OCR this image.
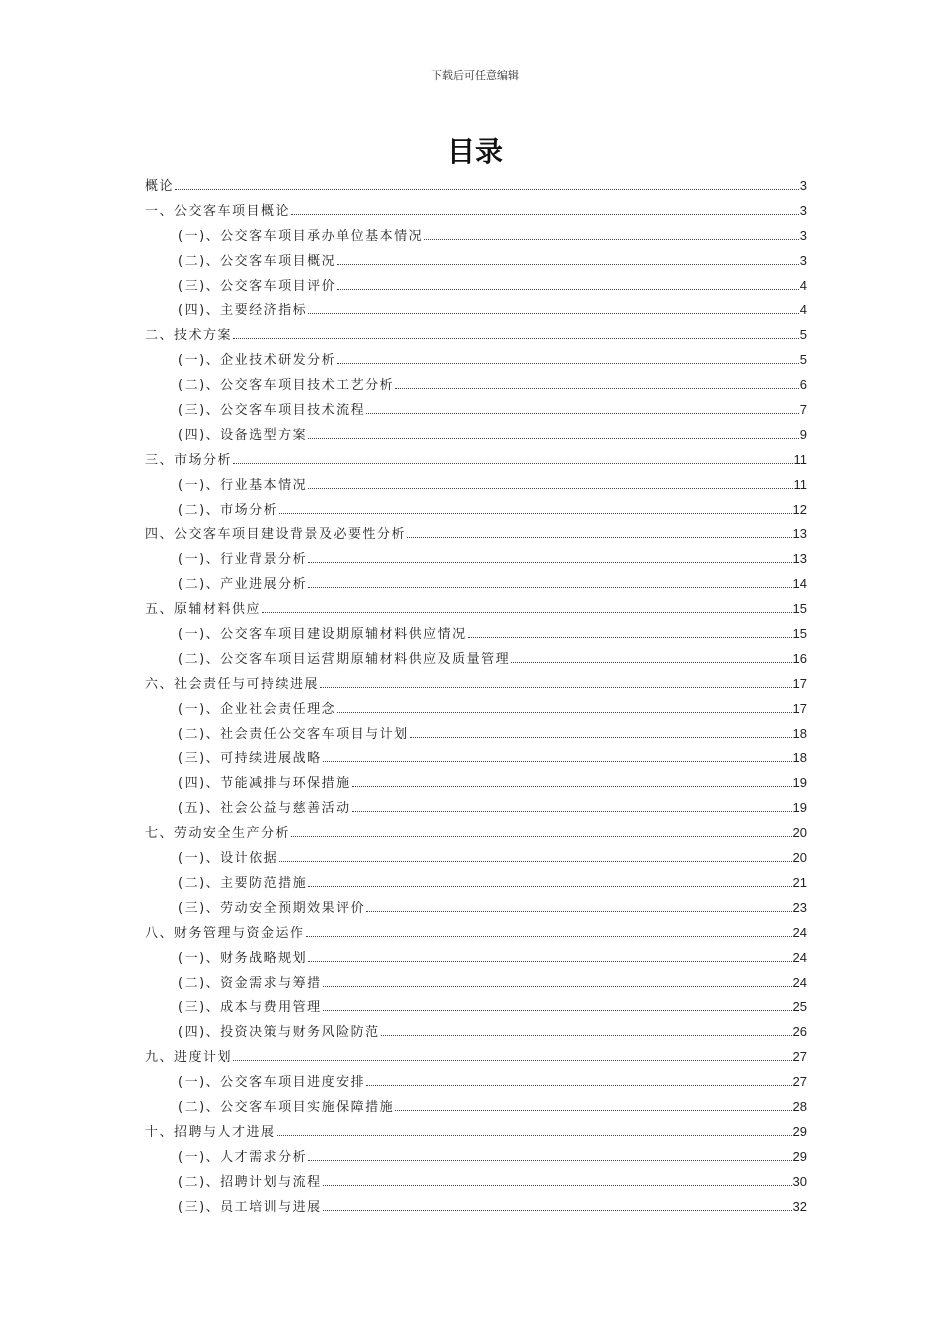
下载后可任意编辑
目录
概论	3
一、公交客车项目概论	3
(一)、公交客车项目承办单位基本情况	3
(二)、公交客车项目概况	3
(三)、公交客车项目评价	4
(四)、主要经济指标	4
二、技术方案	5
(一)、企业技术研发分析	5
(二)、公交客车项目技术工艺分析	6
(三)、公交客车项目技术流程	7
(四)、设备选型方案	9
三、市场分析	11
(一)、行业基本情况	11
(二)、市场分析	12
四、公交客车项目建设背景及必要性分析	13
(一)、行业背景分析	13
(二)、产业进展分析	14
五、原辅材料供应	15
(一)、公交客车项目建设期原辅材料供应情况	15
(二)、公交客车项目运营期原辅材料供应及质量管理	16
六、社会责任与可持续进展	17
(一)、企业社会责任理念	17
(二)、社会责任公交客车项目与计划	18
(三)、可持续进展战略	18
(四)、节能减排与环保措施	19
(五)、社会公益与慈善活动	19
七、劳动安全生产分析	20
(一)、设计依据	20
(二)、主要防范措施	21
(三)、劳动安全预期效果评价	23
八、财务管理与资金运作	24
(一)、财务战略规划	24
(二)、资金需求与筹措	24
(三)、成本与费用管理	25
(四)、投资决策与财务风险防范	26
九、进度计划	27
(一)、公交客车项目进度安排	27
(二)、公交客车项目实施保障措施	28
十、招聘与人才进展	29
(一)、人才需求分析	29
(二)、招聘计划与流程	30
(三)、员工培训与进展	32
